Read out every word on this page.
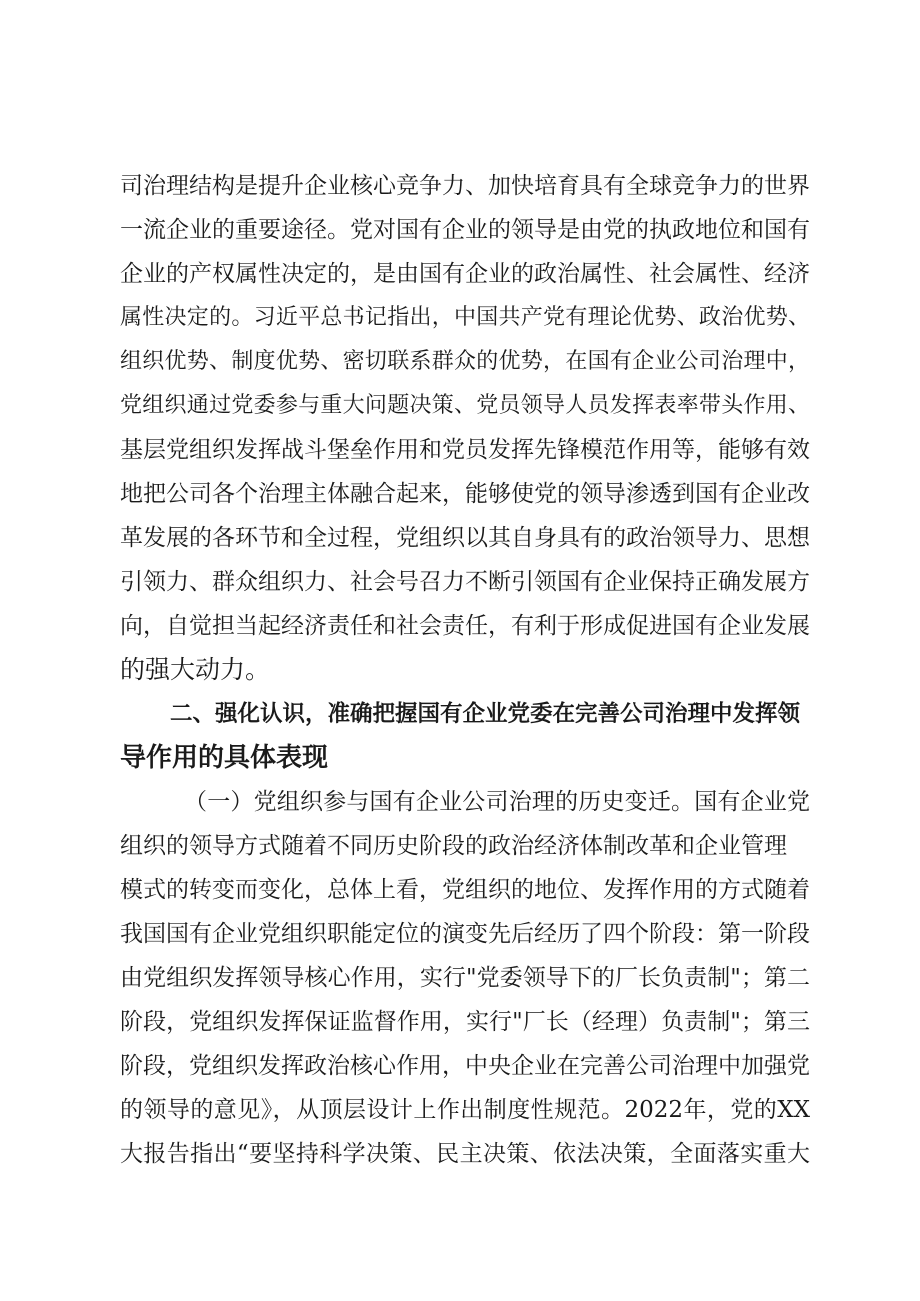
司治理结构是提升企业核心竞争力、加快培育具有全球竞争力的世界
一流企业的重要途径。党对国有企业的领导是由党的执政地位和国有
企业的产权属性决定的，是由国有企业的政治属性、社会属性、经济
属性决定的。习近平总书记指出，中国共产党有理论优势、政治优势、
组织优势、制度优势、密切联系群众的优势，在国有企业公司治理中，
党组织通过党委参与重大问题决策、党员领导人员发挥表率带头作用、
基层党组织发挥战斗堡垒作用和党员发挥先锋模范作用等，能够有效
地把公司各个治理主体融合起来，能够使党的领导渗透到国有企业改
革发展的各环节和全过程，党组织以其自身具有的政治领导力、思想
引领力、群众组织力、社会号召力不断引领国有企业保持正确发展方
向，自觉担当起经济责任和社会责任，有利于形成促进国有企业发展
的强大动力。
二、强化认识，准确把握国有企业党委在完善公司治理中发挥领
导作用的具体表现
（一）党组织参与国有企业公司治理的历史变迁。国有企业党
组织的领导方式随着不同历史阶段的政治经济体制改革和企业管理
模式的转变而变化，总体上看，党组织的地位、发挥作用的方式随着
我国国有企业党组织职能定位的演变先后经历了四个阶段：第一阶段
由党组织发挥领导核心作用，实行"党委领导下的厂长负责制"；第二
阶段，党组织发挥保证监督作用，实行"厂长（经理）负责制"；第三
阶段，党组织发挥政治核心作用，中央企业在完善公司治理中加强党
的领导的意见》，从顶层设计上作出制度性规范。2022年，党的XX
大报告指出“要坚持科学决策、民主决策、依法决策，全面落实重大
